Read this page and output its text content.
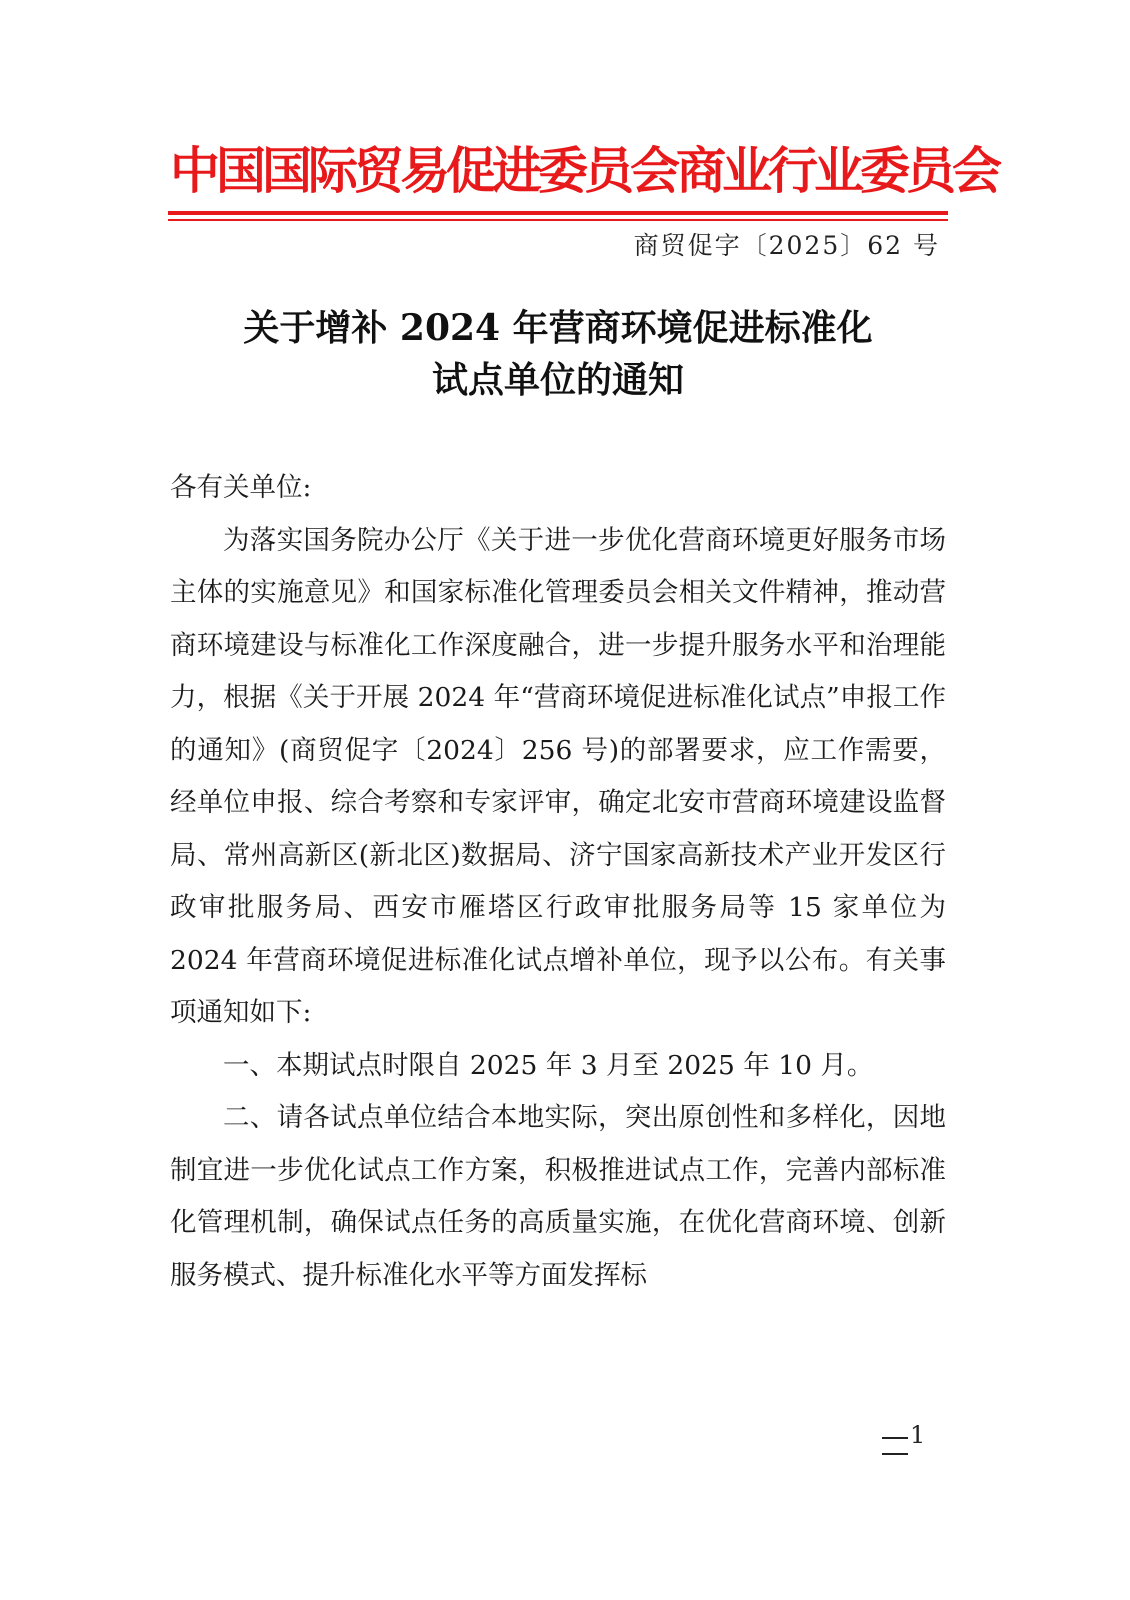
中国国际贸易促进委员会商业行业委员会
商贸促字〔2025〕62 号
关于增补 2024 年营商环境促进标准化
试点单位的通知

各有关单位:

为落实国务院办公厅《关于进一步优化营商环境更好服务市场主体的实施意见》和国家标准化管理委员会相关文件精神，推动营商环境建设与标准化工作深度融合，进一步提升服务水平和治理能力，根据《关于开展 2024 年“营商环境促进标准化试点”申报工作的通知》(商贸促字〔2024〕256 号)的部署要求，应工作需要，经单位申报、综合考察和专家评审，确定北安市营商环境建设监督局、常州高新区(新北区)数据局、济宁国家高新技术产业开发区行政审批服务局、西安市雁塔区行政审批服务局等 15 家单位为 2024 年营商环境促进标准化试点增补单位，现予以公布。有关事项通知如下:

一、本期试点时限自 2025 年 3 月至 2025 年 10 月。

二、请各试点单位结合本地实际，突出原创性和多样化，因地制宜进一步优化试点工作方案，积极推进试点工作，完善内部标准化管理机制，确保试点任务的高质量实施，在优化营商环境、创新服务模式、提升标准化水平等方面发挥标

1
